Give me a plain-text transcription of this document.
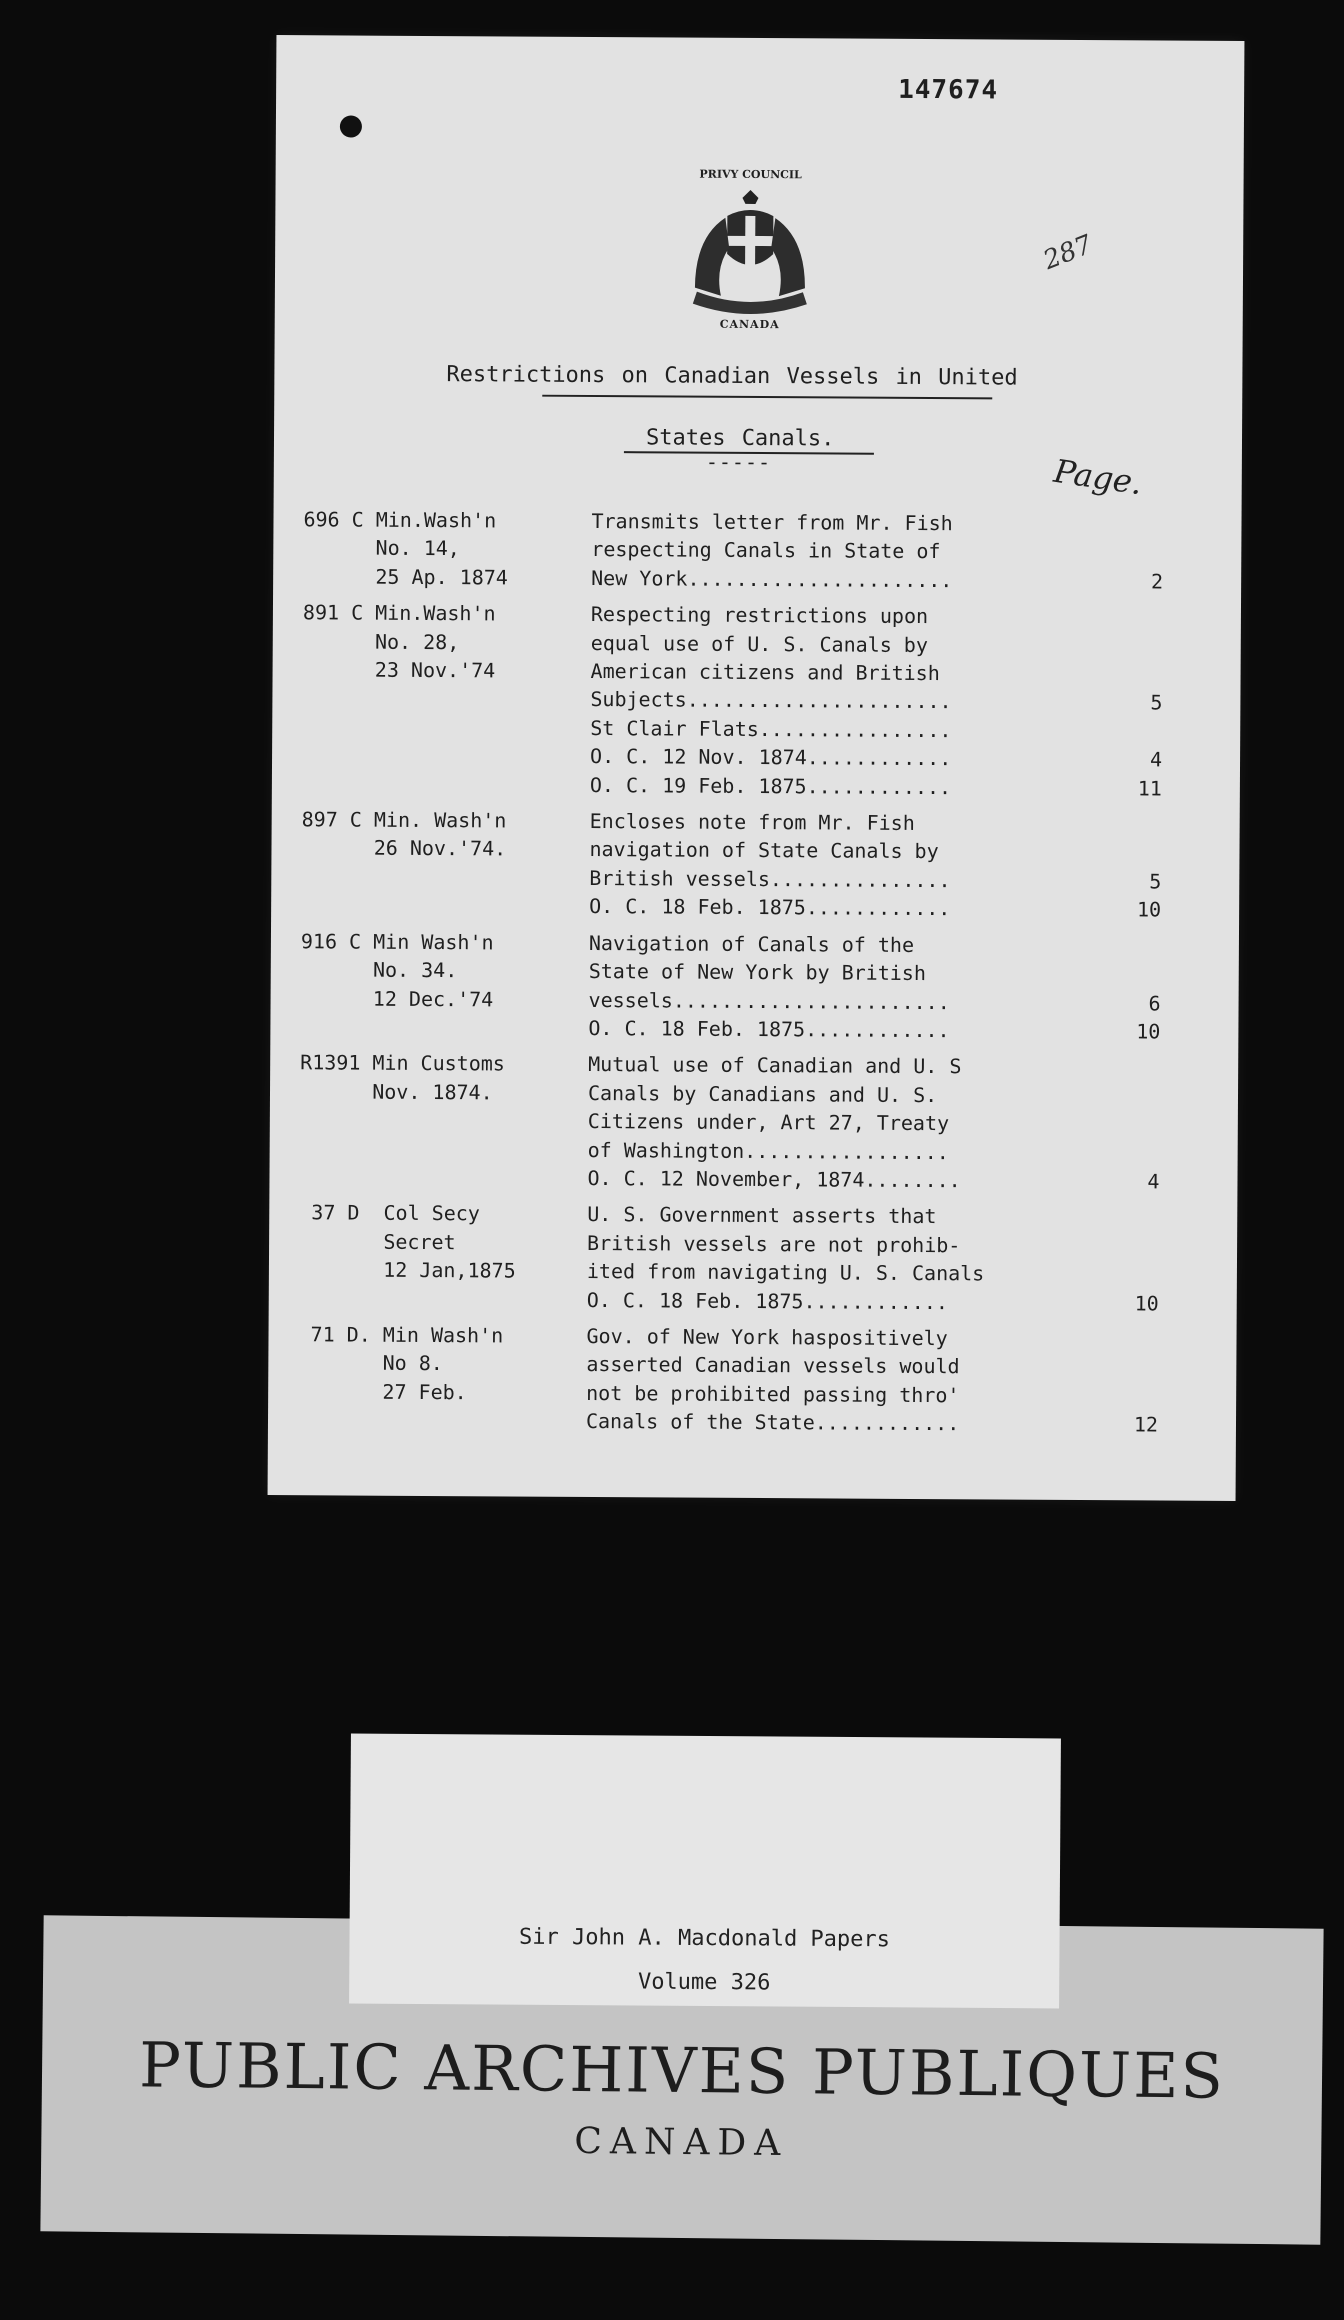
147674
PRIVY COUNCIL
CANADA
287
Restrictions on Canadian Vessels in United
States Canals.
-----	Page.
696 C Min.Wash'n
No. 14,
25 Ap. 1874
Transmits letter from Mr. Fish
respecting Canals in State of
New York......................

2
891 C Min.Wash'n
No. 28,
23 Nov.'74
Respecting restrictions upon
equal use of U. S. Canals by
American citizens and British
Subjects......................
St Clair Flats................
O. C. 12 Nov. 1874............
O. C. 19 Feb. 1875............

5

4
11
897 C Min. Wash'n
26 Nov.'74.
Encloses note from Mr. Fish
navigation of State Canals by
British vessels...............
O. C. 18 Feb. 1875............

5
10
916 C Min Wash'n
No. 34.
12 Dec.'74
Navigation of Canals of the
State of New York by British
vessels.......................
O. C. 18 Feb. 1875............

6
10
R1391 Min Customs
Nov. 1874.
Mutual use of Canadian and U. S
Canals by Canadians and U. S.
Citizens under, Art 27, Treaty
of Washington.................
O. C. 12 November, 1874........

4
37 D  Col Secy
Secret
12 Jan,1875
U. S. Government asserts that
British vessels are not prohib-
ited from navigating U. S. Canals
O. C. 18 Feb. 1875............

10
71 D. Min Wash'n
No 8.
27 Feb.
Gov. of New York haspositively
asserted Canadian vessels would
not be prohibited passing thro'
Canals of the State............

12
PUBLIC ARCHIVES PUBLIQUES
CANADA
Sir John A. Macdonald Papers
Volume 326
